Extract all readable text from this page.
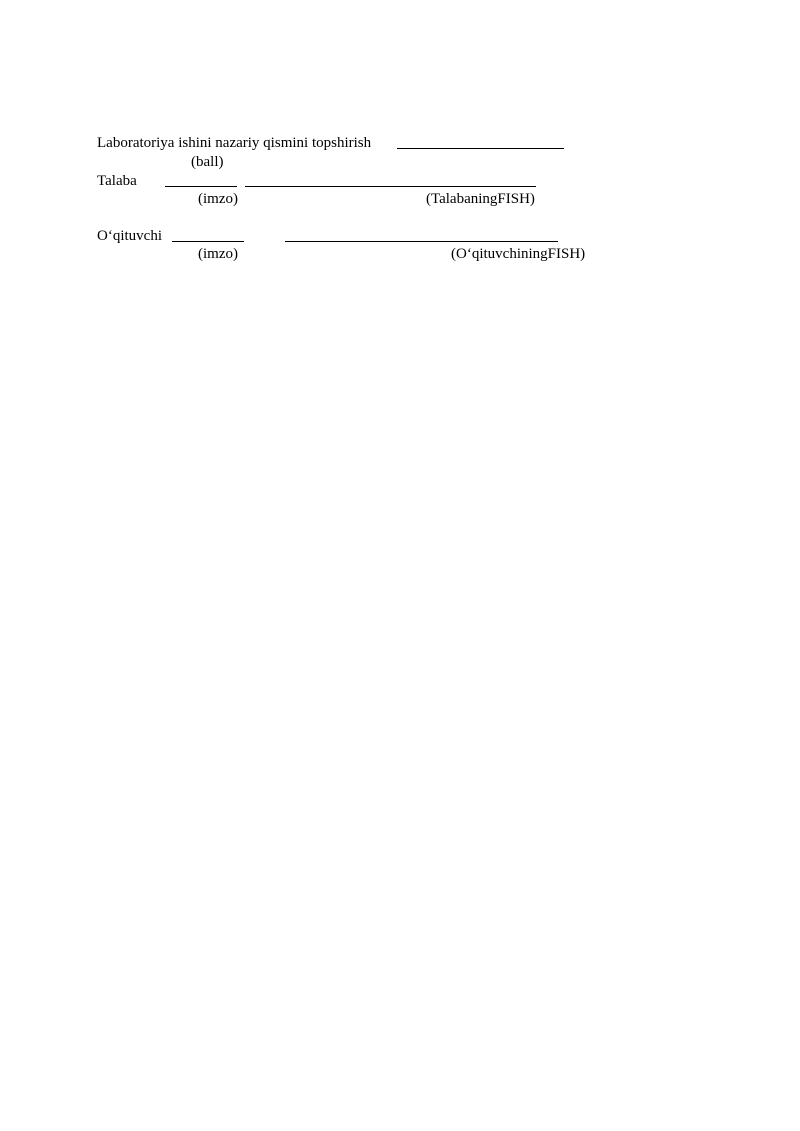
Laboratoriya ishini nazariy qismini topshirish
(ball)
Talaba
(imzo)	(TalabaningFISH)
O‘qituvchi
(imzo)	(O‘qituvchiningFISH)
